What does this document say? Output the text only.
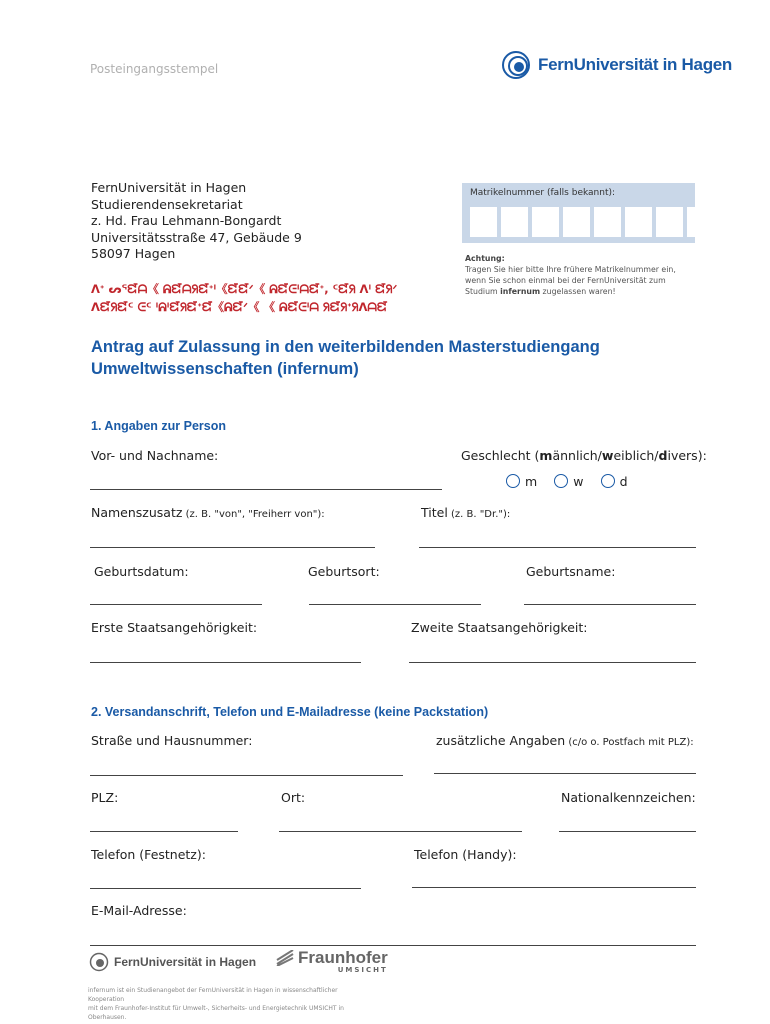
Posteingangsstempel	FernUniversität in Hagen
FernUniversität in Hagen
Studierendensekretariat
z. Hd. Frau Lehmann-Bongardt
Universitätsstraße 47, Gebäude 9
58097 Hagen
ᐱᐩ ᔕᕐᘿᗩ《 ᕱᘿᗩᖆᘿᐩᑊ《ᘿᘿᐟ《 ᕱᘿᕮᑊᗩᘿᐩ, ᑦᘿᖆ ᐱᑊ ᘿᖆᐟ
ᐱᘿᖆᘿᑦ ᕮᑦ ᑊᕱᑊᘿᖆᘿᐩᘿ《ᕱᘿᐟ《 《 ᕱᘿᕮᑊᗩ ᖆᘿᖆᐩᖆᐱᗩᘿ
Matrikelnummer (falls bekannt):
Achtung:
Tragen Sie hier bitte Ihre frühere Matrikelnummer ein,
wenn Sie schon einmal bei der FernUniversität zum
Studium infernum zugelassen waren!
Antrag auf Zulassung in den weiterbildenden Masterstudiengang
Umweltwissenschaften (infernum)
1. Angaben zur Person
Vor- und Nachname:	Geschlecht (männlich/weiblich/divers):
m
	w
	d
Namenszusatz (z. B. "von", "Freiherr von"):	Titel (z. B. "Dr."):
Geburtsdatum:	Geburtsort:	Geburtsname:
Erste Staatsangehörigkeit:	Zweite Staatsangehörigkeit:
2. Versandanschrift, Telefon und E-Mailadresse (keine Packstation)
Straße und Hausnummer:	zusätzliche Angaben (c/o o. Postfach mit PLZ):
PLZ:	Ort:	Nationalkennzeichen:
Telefon (Festnetz):	Telefon (Handy):
E-Mail-Adresse:
FernUniversität in Hagen Fraunhofer
UMSICHT
infernum ist ein Studienangebot der FernUniversität in Hagen in wissenschaftlicher Kooperation
mit dem Fraunhofer-Institut für Umwelt-, Sicherheits- und Energietechnik UMSICHT in Oberhausen.
